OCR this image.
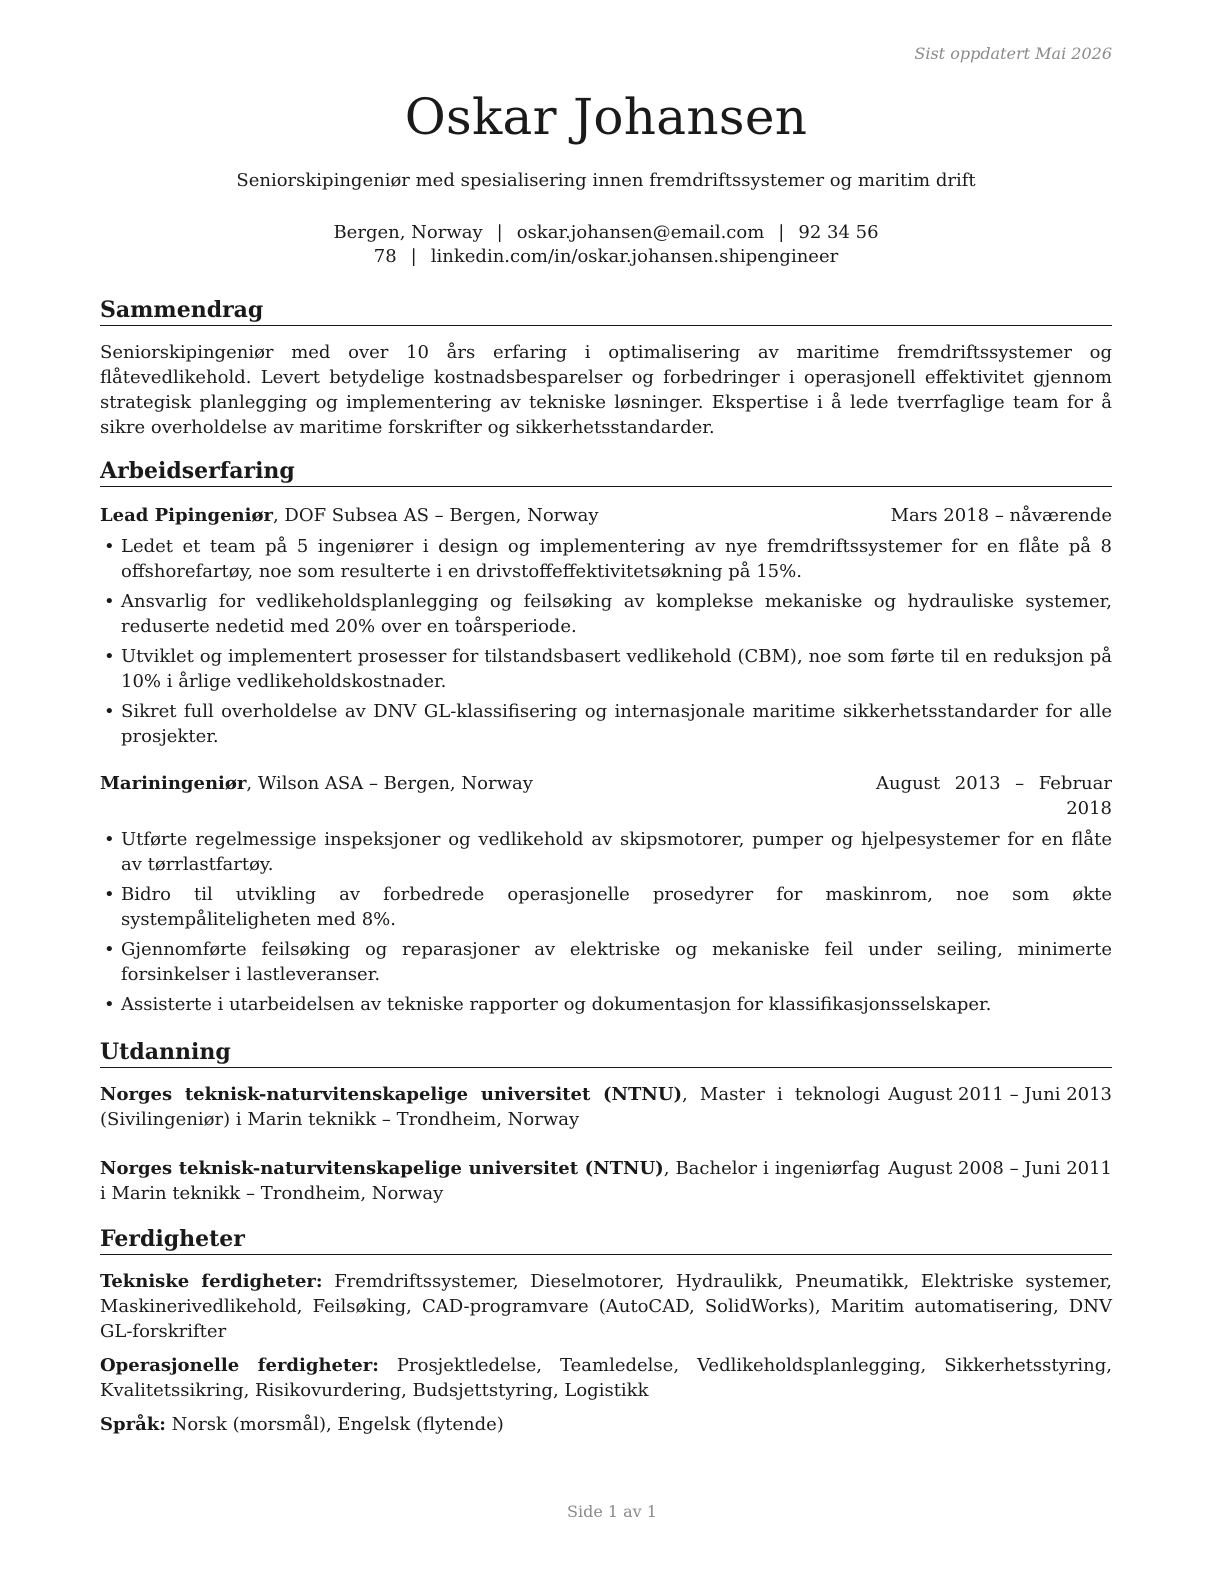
Sist oppdatert Mai 2026
Oskar Johansen
Seniorskipingeniør med spesialisering innen fremdriftssystemer og maritim drift
Bergen, Norway | oskar.johansen@email.com | 92 34 56 78 | linkedin.com/in/oskar.johansen.shipengineer
Sammendrag
Seniorskipingeniør med over 10 års erfaring i optimalisering av maritime fremdriftssystemer og flåtevedlikehold. Levert betydelige kostnadsbesparelser og forbedringer i operasjonell effektivitet gjennom strategisk planlegging og implementering av tekniske løsninger. Ekspertise i å lede tverrfaglige team for å sikre overholdelse av maritime forskrifter og sikkerhetsstandarder.
Arbeidserfaring
Lead Pipingeniør, DOF Subsea AS – Bergen, Norway	Mars 2018 – nåværende
• Ledet et team på 5 ingeniører i design og implementering av nye fremdriftssystemer for en flåte på 8 offshorefartøy, noe som resulterte i en drivstoffeffektivitetsøkning på 15%.
• Ansvarlig for vedlikeholdsplanlegging og feilsøking av komplekse mekaniske og hydrauliske systemer, reduserte nedetid med 20% over en toårsperiode.
• Utviklet og implementert prosesser for tilstandsbasert vedlikehold (CBM), noe som førte til en reduksjon på 10% i årlige vedlikeholdskostnader.
• Sikret full overholdelse av DNV GL-klassifisering og internasjonale maritime sikkerhetsstandarder for alle prosjekter.
Mariningeniør, Wilson ASA – Bergen, Norway	August 2013 – Februar 2018
• Utførte regelmessige inspeksjoner og vedlikehold av skipsmotorer, pumper og hjelpesystemer for en flåte av tørrlastfartøy.
• Bidro til utvikling av forbedrede operasjonelle prosedyrer for maskinrom, noe som økte systempåliteligheten med 8%.
• Gjennomførte feilsøking og reparasjoner av elektriske og mekaniske feil under seiling, minimerte forsinkelser i lastleveranser.
• Assisterte i utarbeidelsen av tekniske rapporter og dokumentasjon for klassifikasjonsselskaper.
Utdanning
Norges teknisk-naturvitenskapelige universitet (NTNU), Master i teknologi (Sivilingeniør) i Marin teknikk – Trondheim, Norway
August 2011 – Juni 2013
Norges teknisk-naturvitenskapelige universitet (NTNU), Bachelor i ingeniørfag i Marin teknikk – Trondheim, Norway
August 2008 – Juni 2011
Ferdigheter
Tekniske ferdigheter: Fremdriftssystemer, Dieselmotorer, Hydraulikk, Pneumatikk, Elektriske systemer, Maskinerivedlikehold, Feilsøking, CAD-programvare (AutoCAD, SolidWorks), Maritim automatisering, DNV GL-forskrifter
Operasjonelle ferdigheter: Prosjektledelse, Teamledelse, Vedlikeholdsplanlegging, Sikkerhetsstyring, Kvalitetssikring, Risikovurdering, Budsjettstyring, Logistikk
Språk: Norsk (morsmål), Engelsk (flytende)
Side 1 av 1
